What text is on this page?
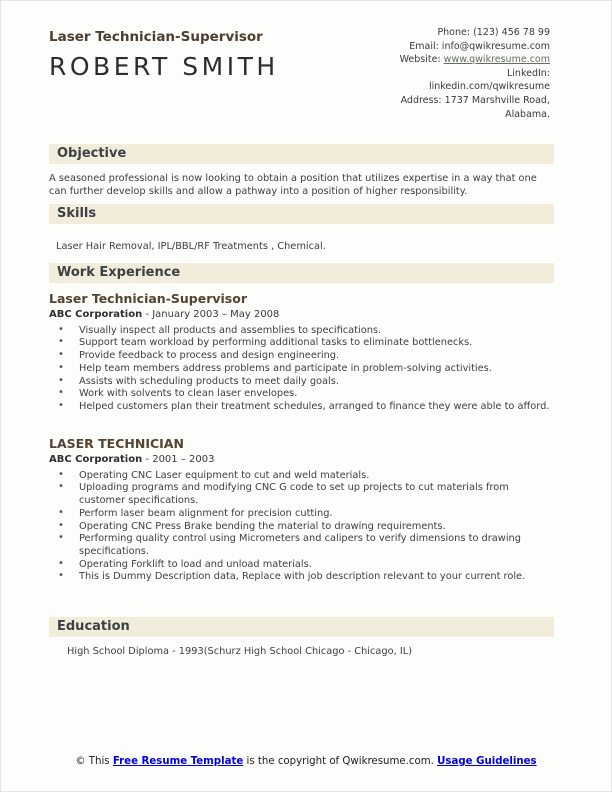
Laser Technician-Supervisor
ROBERT SMITH
Phone: (123) 456 78 99
Email: info@qwikresume.com
Website: www.qwikresume.com
LinkedIn:
linkedin.com/qwikresume
Address: 1737 Marshville Road,
Alabama.
Objective
A seasoned professional is now looking to obtain a position that utilizes expertise in a way that one can further develop skills and allow a pathway into a position of higher responsibility.
Skills
Laser Hair Removal, IPL/BBL/RF Treatments , Chemical.
Work Experience
Laser Technician-Supervisor
ABC Corporation - January 2003 – May 2008
• Visually inspect all products and assemblies to specifications.
• Support team workload by performing additional tasks to eliminate bottlenecks.
• Provide feedback to process and design engineering.
• Help team members address problems and participate in problem-solving activities.
• Assists with scheduling products to meet daily goals.
• Work with solvents to clean laser envelopes.
• Helped customers plan their treatment schedules, arranged to finance they were able to afford.
LASER TECHNICIAN
ABC Corporation - 2001 – 2003
• Operating CNC Laser equipment to cut and weld materials.
• Uploading programs and modifying CNC G code to set up projects to cut materials from customer specifications.
• Perform laser beam alignment for precision cutting.
• Operating CNC Press Brake bending the material to drawing requirements.
• Performing quality control using Micrometers and calipers to verify dimensions to drawing specifications.
• Operating Forklift to load and unload materials.
• This is Dummy Description data, Replace with job description relevant to your current role.
Education
High School Diploma - 1993(Schurz High School Chicago - Chicago, IL)
© This Free Resume Template is the copyright of Qwikresume.com. Usage Guidelines
